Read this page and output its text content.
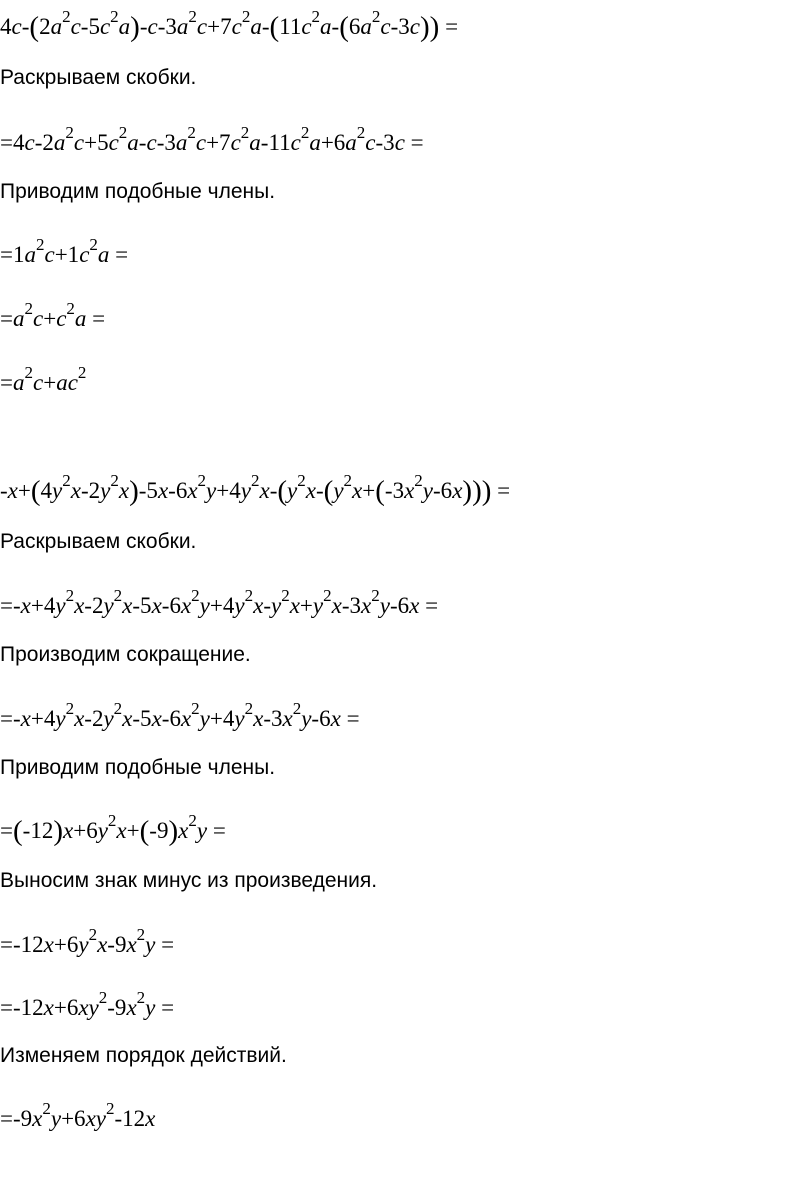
$4c-(2a^2c-5c^2a)-c-3a^2c+7c^2a-(11c^2a-(6a^2c-3c))$ =
Раскрываем скобки.
$=4c-2a^2c+5c^2a-c-3a^2c+7c^2a-11c^2a+6a^2c-3c$ =
Приводим подобные члены.
$=1a^2c+1c^2a$ =
$=a^2c+c^2a$ =
$=a^2c+ac^2$
$-x+(4y^2x-2y^2x)-5x-6x^2y+4y^2x-(y^2x-(y^2x+(-3x^2y-6x)))$ =
Раскрываем скобки.
$=-x+4y^2x-2y^2x-5x-6x^2y+4y^2x-y^2x+y^2x-3x^2y-6x$ =
Производим сокращение.
$=-x+4y^2x-2y^2x-5x-6x^2y+4y^2x-3x^2y-6x$ =
Приводим подобные члены.
$=(-12)x+6y^2x+(-9)x^2y$ =
Выносим знак минус из произведения.
$=-12x+6y^2x-9x^2y$ =
$=-12x+6xy^2-9x^2y$ =
Изменяем порядок действий.
$=-9x^2y+6xy^2-12x$
